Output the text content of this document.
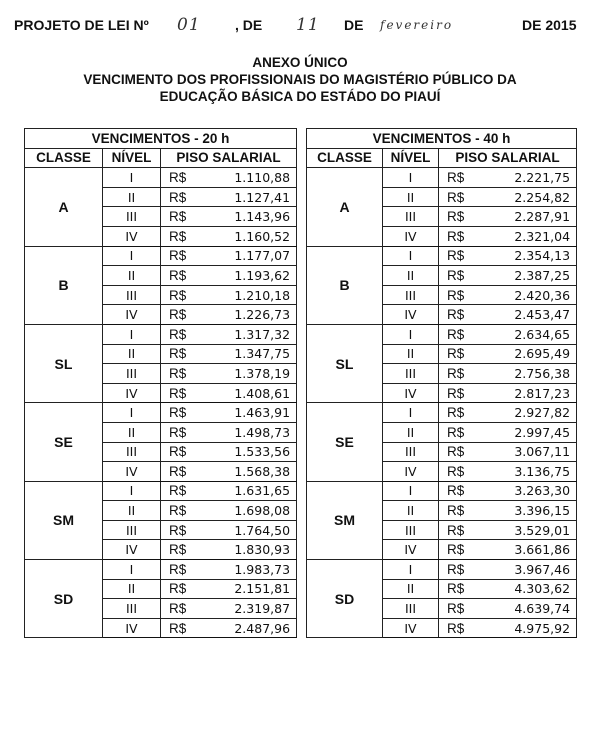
PROJETO DE LEI Nº 01 , DE 11 DE fevereiro	DE 2015
ANEXO ÚNICO
VENCIMENTO DOS PROFISSIONAIS DO MAGISTÉRIO PÚBLICO DA
EDUCAÇÃO BÁSICA DO ESTÁDO DO PIAUÍ
VENCIMENTOS - 20 h			
CLASSE	NÍVEL	PISO SALARIAL	
A	I	R$	1.110,88
	II	R$	1.127,41
	III	R$	1.143,96
	IV	R$	1.160,52
B	I	R$	1.177,07
	II	R$	1.193,62
	III	R$	1.210,18
	IV	R$	1.226,73
SL	I	R$	1.317,32
	II	R$	1.347,75
	III	R$	1.378,19
	IV	R$	1.408,61
SE	I	R$	1.463,91
	II	R$	1.498,73
	III	R$	1.533,56
	IV	R$	1.568,38
SM	I	R$	1.631,65
	II	R$	1.698,08
	III	R$	1.764,50
	IV	R$	1.830,93
SD	I	R$	1.983,73
	II	R$	2.151,81
	III	R$	2.319,87
	IV	R$	2.487,96
VENCIMENTOS - 40 h			
CLASSE	NÍVEL	PISO SALARIAL	
A	I	R$	2.221,75
	II	R$	2.254,82
	III	R$	2.287,91
	IV	R$	2.321,04
B	I	R$	2.354,13
	II	R$	2.387,25
	III	R$	2.420,36
	IV	R$	2.453,47
SL	I	R$	2.634,65
	II	R$	2.695,49
	III	R$	2.756,38
	IV	R$	2.817,23
SE	I	R$	2.927,82
	II	R$	2.997,45
	III	R$	3.067,11
	IV	R$	3.136,75
SM	I	R$	3.263,30
	II	R$	3.396,15
	III	R$	3.529,01
	IV	R$	3.661,86
SD	I	R$	3.967,46
	II	R$	4.303,62
	III	R$	4.639,74
	IV	R$	4.975,92
